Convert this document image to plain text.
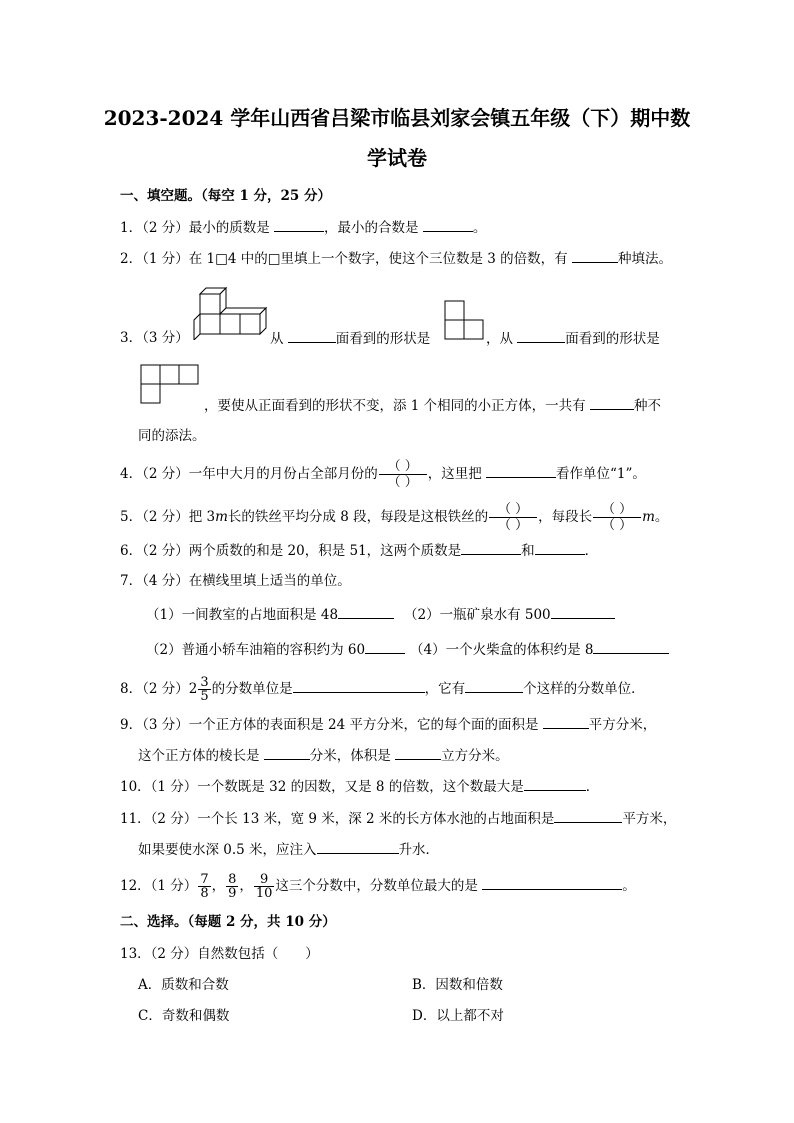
2023-2024 学年山西省吕梁市临县刘家会镇五年级（下）期中数
学试卷
一、填空题。（每空 1 分，25 分）
1．（2 分）最小的质数是	，最小的合数是	。
2．（1 分）在 1□4 中的□里填上一个数字，使这个三位数是 3 的倍数，有	种填法。
3．（3 分）	从	面看到的形状是	，从	面看到的形状是
，要使从正面看到的形状不变，添 1 个相同的小正方体，一共有	种不
同的添法。
4．（2 分）一年中大月的月份占全部月份的 $\frac{( )}{( )}$ ，这里把	看作单位“1”。
5．（2 分）把 3m长的铁丝平均分成 8 段，每段是这根铁丝的 $\frac{( )}{( )}$ ，每段长 $\frac{( )}{( )}$ m。
6．（2 分）两个质数的和是 20，积是 51，这两个质数是	和	．
7．（4 分）在横线里填上适当的单位。
（1）一间教室的占地面积是 48	（2）一瓶矿泉水有 500
（2）普通小轿车油箱的容积约为 60	（4）一个火柴盒的体积约是 8
8．（2 分）$2 \frac{3}{5}$ 的分数单位是	，它有	个这样的分数单位．
9．（3 分）一个正方体的表面积是 24 平方分米，它的每个面的面积是	平方分米，
这个正方体的棱长是	分米，体积是	立方分米。
10．（1 分）一个数既是 32 的因数，又是 8 的倍数，这个数最大是	．
11．（2 分）一个长 13 米，宽 9 米，深 2 米的长方体水池的占地面积是	平方米，
如果要使水深 0.5 米，应注入	升水．
12．（1 分） $\frac{7}{8}$ ， $\frac{8}{9}$ ， $\frac{9}{10}$ 这三个分数中，分数单位最大的是	。
二、选择。（每题 2 分，共 10 分）
13．（2 分）自然数包括（　　）
A．质数和合数	B．因数和倍数
C．奇数和偶数	D．以上都不对
